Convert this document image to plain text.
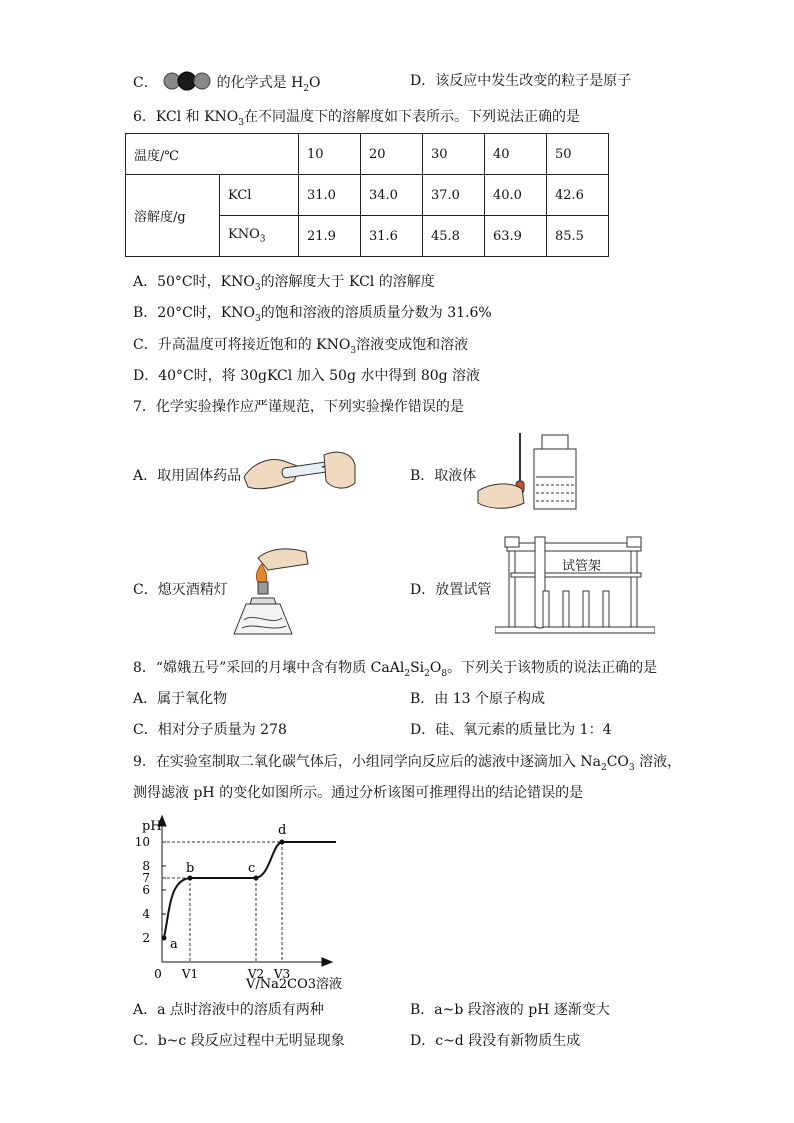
C．	的化学式是 $H_2O$	D．该反应中发生改变的粒子是原子
6．KCl 和 $KNO_3$在不同温度下的溶解度如下表所示。下列说法正确的是
温度/℃		10	20	30	40	50
溶解度/g	KCl	31.0	34.0	37.0	40.0	42.6
	$KNO_3$	21.9	31.6	45.8	63.9	85.5
A．50°C时，$KNO_3$的溶解度大于 KCl 的溶解度
B．20°C时，$KNO_3$的饱和溶液的溶质质量分数为 31.6%
C．升高温度可将接近饱和的 $KNO_3$溶液变成饱和溶液
D．40°C时，将 30gKCl 加入 50g 水中得到 80g 溶液
7．化学实验操作应严谨规范，下列实验操作错误的是
A．取用固体药品	B．取液体
C．熄灭酒精灯	D．放置试管
试管架
8．“嫦娥五号”采回的月壤中含有物质 $CaAl_2Si_2O_8$。下列关于该物质的说法正确的是
A．属于氧化物	B．由 13 个原子构成
C．相对分子质量为 278	D．硅、氧元素的质量比为 1：4
9．在实验室制取二氧化碳气体后，小组同学向反应后的滤液中逐滴加入 $Na_2CO_3$ 溶液，
测得滤液 pH 的变化如图所示。通过分析该图可推理得出的结论错误的是
pH
V/Na2CO3溶液
2
4
6
7
8
10
0 V1	V2 V3
a
b	c
d
A．a 点时溶液中的溶质有两种	B．a~b 段溶液的 pH 逐渐变大
C．b~c 段反应过程中无明显现象	D．c~d 段没有新物质生成
